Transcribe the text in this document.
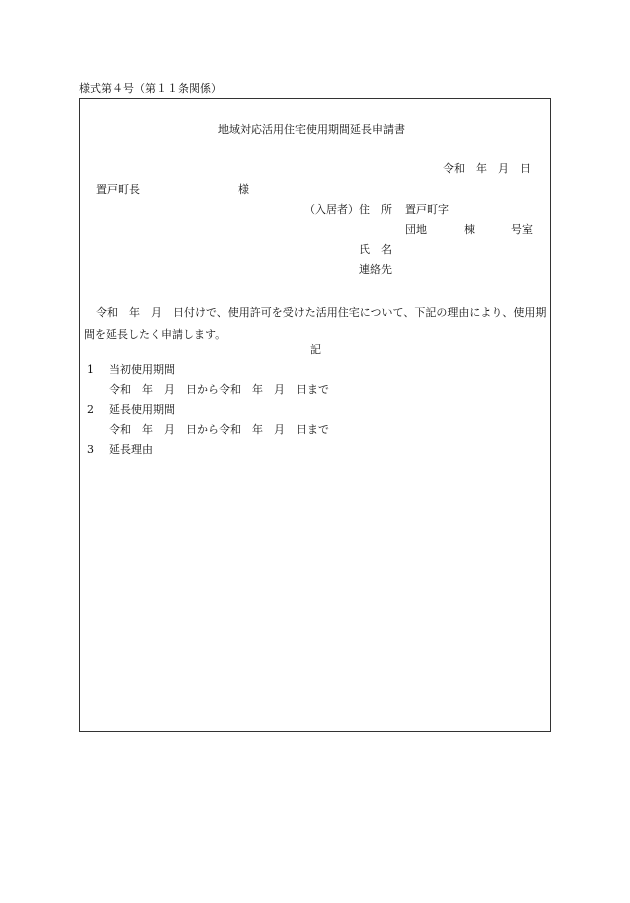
様式第４号（第１１条関係）
地域対応活用住宅使用期間延長申請書
令和　年　月　日
置戸町長	様
（入居者） 住　所 置戸町字
団地	棟	号室
氏　名
連絡先
令和　年　月　日付けで、使用許可を受けた活用住宅について、下記の理由により、使用期間を延長したく申請します。
記
1 当初使用期間
令和　年　月　日から令和　年　月　日まで
2 延長使用期間
令和　年　月　日から令和　年　月　日まで
3 延長理由
